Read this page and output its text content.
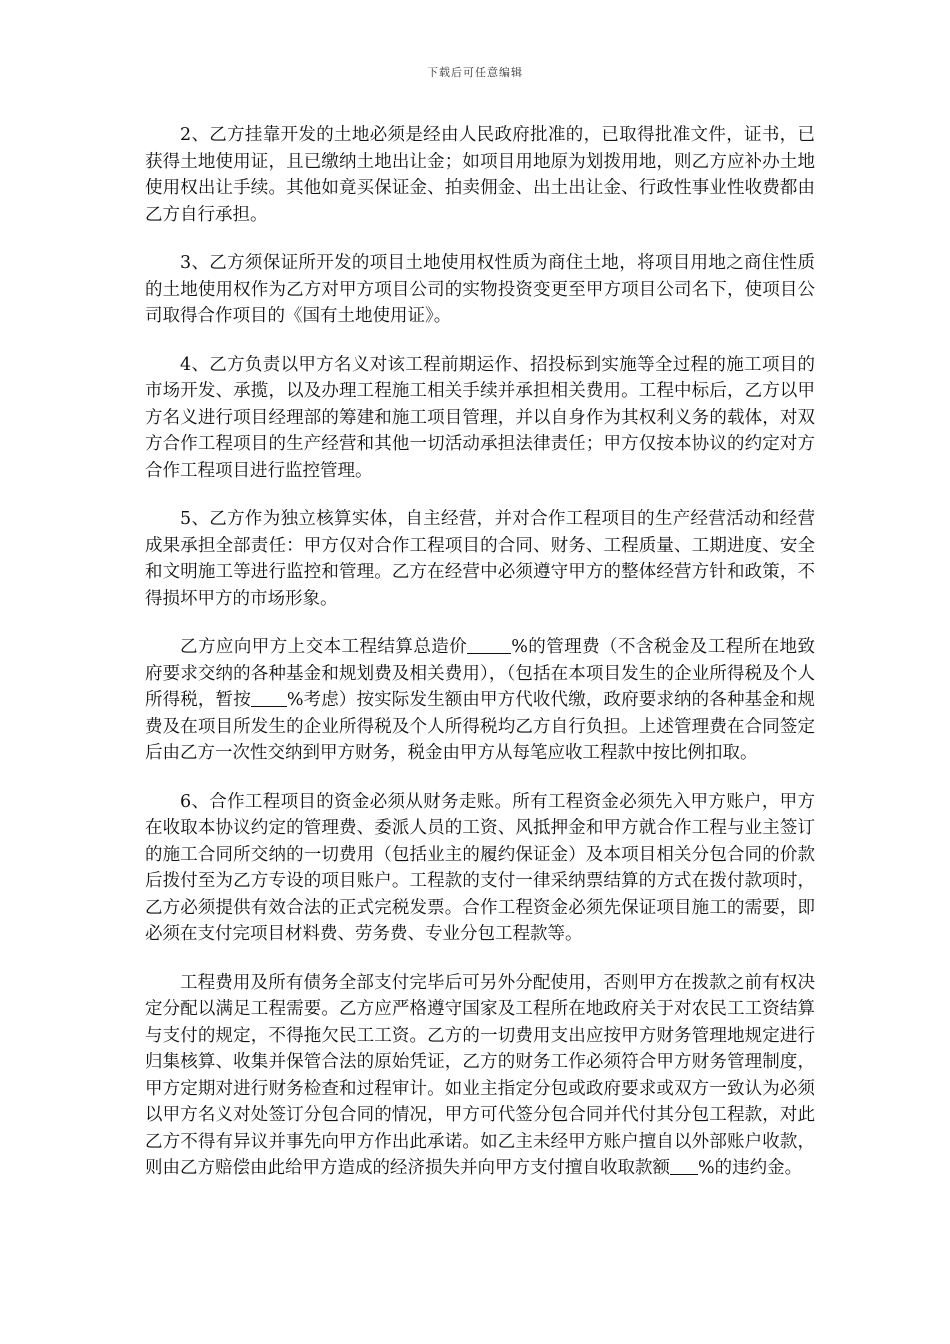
下载后可任意编辑

2、乙方挂靠开发的土地必须是经由人民政府批准的，已取得批准文件，证书，已获得土地使用证，且已缴纳土地出让金；如项目用地原为划拨用地，则乙方应补办土地使用权出让手续。其他如竟买保证金、拍卖佣金、出土出让金、行政性事业性收费都由乙方自行承担。

3、乙方须保证所开发的项目土地使用权性质为商住土地，将项目用地之商住性质的土地使用权作为乙方对甲方项目公司的实物投资变更至甲方项目公司名下，使项目公司取得合作项目的《国有土地使用证》。

4、乙方负责以甲方名义对该工程前期运作、招投标到实施等全过程的施工项目的市场开发、承揽，以及办理工程施工相关手续并承担相关费用。工程中标后，乙方以甲方名义进行项目经理部的筹建和施工项目管理，并以自身作为其权利义务的载体，对双方合作工程项目的生产经营和其他一切活动承担法律责任；甲方仅按本协议的约定对方合作工程项目进行监控管理。

5、乙方作为独立核算实体，自主经营，并对合作工程项目的生产经营活动和经营成果承担全部责任：甲方仅对合作工程项目的合同、财务、工程质量、工期进度、安全和文明施工等进行监控和管理。乙方在经营中必须遵守甲方的整体经营方针和政策，不得损坏甲方的市场形象。

乙方应向甲方上交本工程结算总造价	%的管理费（不含税金及工程所在地致府要求交纳的各种基金和规划费及相关费用），（包括在本项目发生的企业所得税及个人所得税，暂按 %考虑）按实际发生额由甲方代收代缴，政府要求纳的各种基金和规费及在项目所发生的企业所得税及个人所得税均乙方自行负担。上述管理费在合同签定后由乙方一次性交纳到甲方财务，税金由甲方从每笔应收工程款中按比例扣取。

6、合作工程项目的资金必须从财务走账。所有工程资金必须先入甲方账户，甲方在收取本协议约定的管理费、委派人员的工资、风抵押金和甲方就合作工程与业主签订的施工合同所交纳的一切费用（包括业主的履约保证金）及本项目相关分包合同的价款后拨付至为乙方专设的项目账户。工程款的支付一律采纳票结算的方式在拨付款项时，乙方必须提供有效合法的正式完税发票。合作工程资金必须先保证项目施工的需要，即必须在支付完项目材料费、劳务费、专业分包工程款等。

工程费用及所有债务全部支付完毕后可另外分配使用，否则甲方在拨款之前有权决定分配以满足工程需要。乙方应严格遵守国家及工程所在地政府关于对农民工工资结算与支付的规定，不得拖欠民工工资。乙方的一切费用支出应按甲方财务管理地规定进行归集核算、收集并保管合法的原始凭证，乙方的财务工作必须符合甲方财务管理制度，甲方定期对进行财务检查和过程审计。如业主指定分包或政府要求或双方一致认为必须以甲方名义对处签订分包合同的情况，甲方可代签分包合同并代付其分包工程款，对此乙方不得有异议并事先向甲方作出此承诺。如乙主未经甲方账户擅自以外部账户收款，则由乙方赔偿由此给甲方造成的经济损失并向甲方支付擅自收取款额 %的违约金。
